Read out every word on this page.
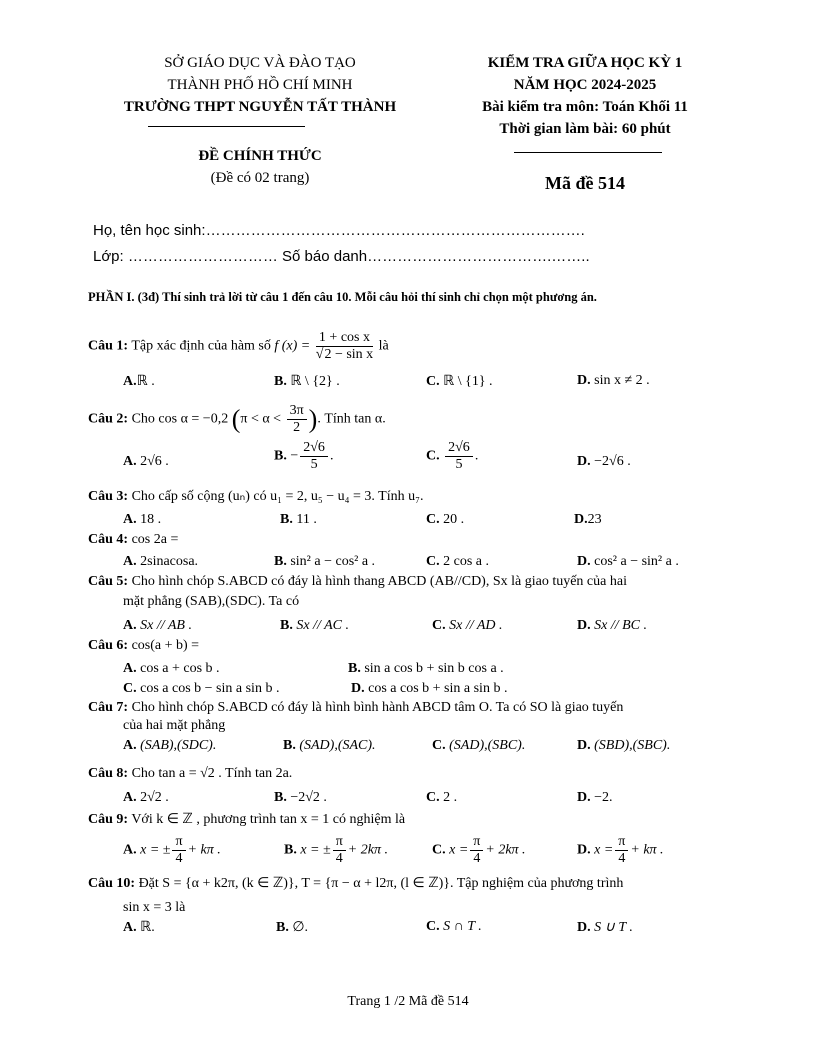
SỞ GIÁO DỤC VÀ ĐÀO TẠO
THÀNH PHỐ HỒ CHÍ MINH
TRƯỜNG THPT NGUYỄN TẤT THÀNH
ĐỀ CHÍNH THỨC
(Đề có 02 trang)
KIỂM TRA GIỮA HỌC KỲ 1
NĂM HỌC 2024-2025
Bài kiểm tra môn: Toán Khối 11
Thời gian làm bài: 60 phút
Mã đề 514
Họ, tên học sinh:………………………………………………………………….
Lớp: ………………………… Số báo danh……………………………….……..
PHẦN I. (3đ) Thí sinh trả lời từ câu 1 đến câu 10. Mỗi câu hỏi thí sinh chỉ chọn một phương án.
Câu 1: Tập xác định của hàm số f $(x) = \frac{\text{1 + cos x}}{\text{√2 − sin x}}$ là
A.ℝ .	B. ℝ \ {2} .	C. ℝ \ {1} .	D. sin x ≠ 2 .
Câu 2: Cho cos α = −0,2 ($\pi < \alpha < \frac{3\pi}{2}$ ). Tính tan α.
A. 2√6 .	B. − $\frac{2√6}{5}$ .	C. $\frac{2√6}{5}$ .	D. −2√6 .
Câu 3: Cho cấp số cộng (uₙ) có u₁ = 2, u₅ − u₄ = 3. Tính u₇.
A. 18 .	B. 11 .	C. 20 .	D.23
Câu 4: cos 2a =
A. 2sinacosa.	B. sin² a − cos² a .	C. 2 cos a .	D. cos² a − sin² a .
Câu 5: Cho hình chóp S.ABCD có đáy là hình thang ABCD (AB//CD), Sx là giao tuyến của hai
mặt phẳng (SAB),(SDC). Ta có
A. Sx // AB .	B. Sx // AC .	C. Sx // AD .	D. Sx // BC .
Câu 6: cos(a + b) =
A. cos a + cos b .	B. sin a cos b + sin b cos a .
C. cos a cos b − sin a sin b .	D. cos a cos b + sin a sin b .
Câu 7: Cho hình chóp S.ABCD có đáy là hình bình hành ABCD tâm O. Ta có SO là giao tuyến
của hai mặt phẳng
A. (SAB),(SDC).	B. (SAD),(SAC).	C. (SAD),(SBC).	D. (SBD),(SBC).
Câu 8: Cho tan a = √2 . Tính tan 2a.
A. 2√2 .	B. −2√2 .	C. 2 .	D. −2.
Câu 9: Với k ∈ ℤ , phương trình tan x = 1 có nghiệm là
A. x = ± $\frac{\pi}{4} + k\pi$ .	B. x = ± $\frac{\pi}{4} + 2k\pi$ .	C. $x = \frac{\pi}{4} + 2k\pi$ .	D. $x = \frac{\pi}{4} + k\pi$ .
Câu 10: Đặt S = {α + k2π, (k ∈ ℤ)}, T = {π − α + l2π, (l ∈ ℤ)}. Tập nghiệm của phương trình
sin x = 3 là
A. ℝ.	B. ∅.	C. S ∩ T .	D. S ∪ T .
Trang 1 /2 Mã đề 514
